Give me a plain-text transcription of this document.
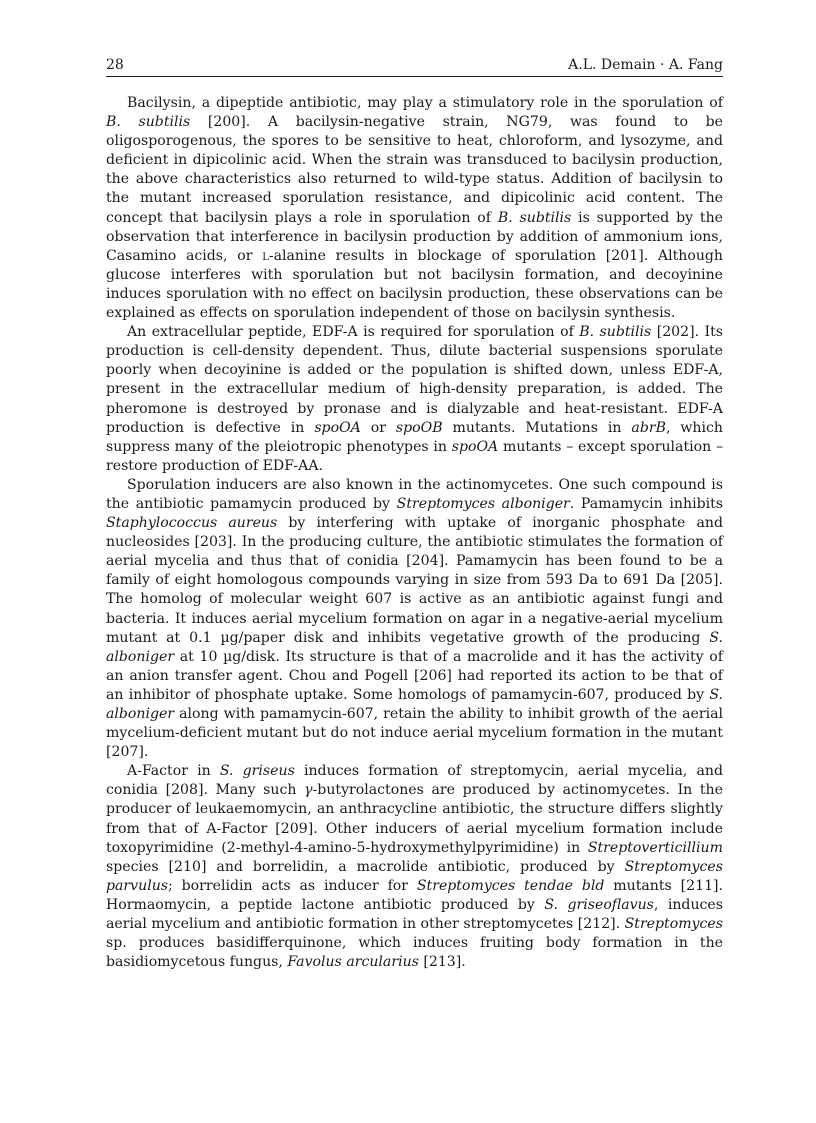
28	A.L. Demain · A. Fang

Bacilysin, a dipeptide antibiotic, may play a stimulatory role in the sporulation of B. subtilis [200]. A bacilysin-negative strain, NG79, was found to be oligosporogenous, the spores to be sensitive to heat, chloroform, and lysozyme, and deficient in dipicolinic acid. When the strain was transduced to bacilysin production, the above characteristics also returned to wild-type status. Addition of bacilysin to the mutant increased sporulation resistance, and dipicolinic acid content. The concept that bacilysin plays a role in sporulation of B. subtilis is supported by the observation that interference in bacilysin production by addition of ammonium ions, Casamino acids, or l-alanine results in blockage of sporulation [201]. Although glucose interferes with sporulation but not bacilysin formation, and decoyinine induces sporulation with no effect on bacilysin production, these observations can be explained as effects on sporulation independent of those on bacilysin synthesis.

An extracellular peptide, EDF-A is required for sporulation of B. subtilis [202]. Its production is cell-density dependent. Thus, dilute bacterial suspensions sporulate poorly when decoyinine is added or the population is shifted down, unless EDF-A, present in the extracellular medium of high-density preparation, is added. The pheromone is destroyed by pronase and is dialyzable and heat-resistant. EDF-A production is defective in spoOA or spoOB mutants. Mutations in abrB, which suppress many of the pleiotropic phenotypes in spoOA mutants – except sporulation – restore production of EDF-AA.

Sporulation inducers are also known in the actinomycetes. One such compound is the antibiotic pamamycin produced by Streptomyces alboniger. Pamamycin inhibits Staphylococcus aureus by interfering with uptake of inorganic phosphate and nucleosides [203]. In the producing culture, the antibiotic stimulates the formation of aerial mycelia and thus that of conidia [204]. Pamamycin has been found to be a family of eight homologous compounds varying in size from 593 Da to 691 Da [205]. The homolog of molecular weight 607 is active as an antibiotic against fungi and bacteria. It induces aerial mycelium formation on agar in a negative-aerial mycelium mutant at 0.1 µg/paper disk and inhibits vegetative growth of the producing S. alboniger at 10 µg/disk. Its structure is that of a macrolide and it has the activity of an anion transfer agent. Chou and Pogell [206] had reported its action to be that of an inhibitor of phosphate uptake. Some homologs of pamamycin-607, produced by S. alboniger along with pamamycin-607, retain the ability to inhibit growth of the aerial mycelium-deficient mutant but do not induce aerial mycelium formation in the mutant [207].

A-Factor in S. griseus induces formation of streptomycin, aerial mycelia, and conidia [208]. Many such γ-butyrolactones are produced by actinomycetes. In the producer of leukaemomycin, an anthracycline antibiotic, the structure differs slightly from that of A-Factor [209]. Other inducers of aerial mycelium formation include toxopyrimidine (2-methyl-4-amino-5-hydroxymethylpyrimidine) in Streptoverticillium species [210] and borrelidin, a macrolide antibiotic, produced by Streptomyces parvulus; borrelidin acts as inducer for Streptomyces tendae bld mutants [211]. Hormaomycin, a peptide lactone antibiotic produced by S. griseoflavus, induces aerial mycelium and antibiotic formation in other streptomycetes [212]. Streptomyces sp. produces basidifferquinone, which induces fruiting body formation in the basidiomycetous fungus, Favolus arcularius [213].
